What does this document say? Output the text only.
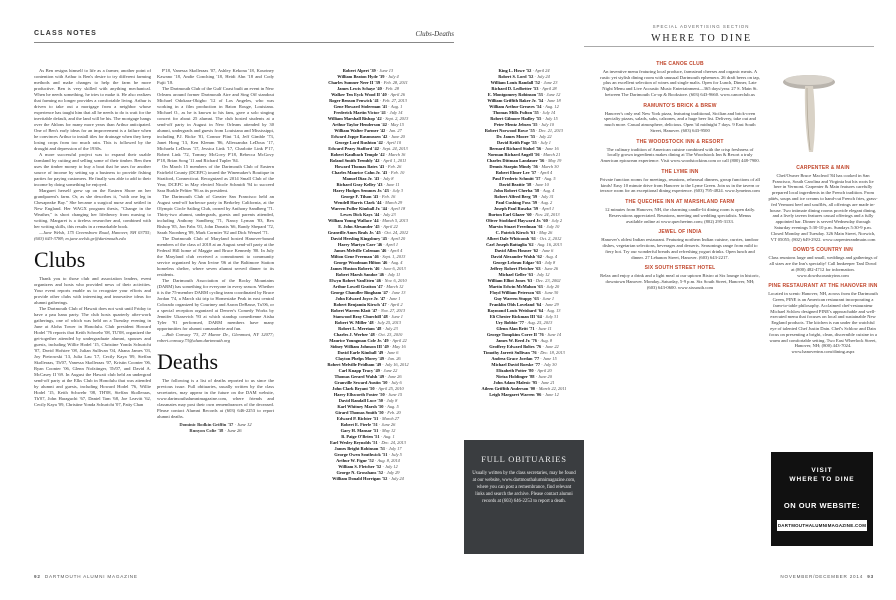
CLASS NOTES	Clubs-Deaths
SPECIAL ADVERTISING SECTION
WHERE TO DINE

As Ben resigns himself to life as a farmer, another point of contention with Arthur is Ben's desire to try different farming methods and make changes to help the farm be more productive. Ben is very skilled with anything mechanical. When he needs something, he tries to make it. He also realizes that farming no longer provides a comfortable living. Arthur is driven to take out a mortgage from a neighbor whose experience has taught him that all he needs to do is wait for the inevitable default, and the land will be his. The mortgage hangs over the Ahlons for many more years than Arthur anticipated. One of Ben's early ideas for an improvement is a failure when he convinces Arthur to install tiles for drainage when they keep losing crops from too much rain. This is followed by the drought and depression of the 1930s.

A more successful project was to expand their usable farmland by cutting and selling some of their timber. Ben then uses the timber money to buy a boat that he uses for another source of income by setting up a business to provide fishing parties for paying customers. He finally was able to add to their income by doing something he enjoyed.

Margaret herself grew up on the Eastern Shore on her grandparent's farm. Or, as she describes it, "with one leg in Chesapeake Bay." She became a surgical nurse and settled in New England. Her WAGX program thesis, "Change in the Weather," is short changing her lifetheory from nursing to writing. Margaret is a tireless researcher and, combined with her writing skills, this results in a remarkable book.

—Jane Welsh, 175 Greensboro Road, Hanover, NH 03755; (603) 643-3788; m.jane.welsh.gr@dartmouth.edu

Clubs

Thank you to those club and association leaders, event organizers and hosts who provided news of their activities. Your event reports enable us to recognize your efforts and provide other clubs with interesting and innovative ideas for alumni gatherings.

The Dartmouth Club of Hawaii does not wait until Friday to have a pau hana party. The club hosts quarterly after-work gatherings, one of which was held on a Tuesday evening in June at Aloha Tower in Honolulu. Club president Howard Hodel '76 reports that Keith Schwehr '08, TU'08, organized the get-together attended by undergraduate alumni, spouses and guests, including Willie Hodel '15, Christine Yonda Schuricht '07, David Hofstee '08, Julian Sullivan '04, Ahana James '03, Joy Pietrowski '13, Julia Lau '17, Cecily Kaya '09, Steffan Skolleraas, Th'07, Vanessa Skolleraas '07, Kristin Coonter '06, Ryan Coonter '06, Glenn Nofziinger, Th'07, and David A. McCasey II '69. In August the Hawaii club held an undergrad send-off party at the Elks Club in Honolulu that was attended by alumni and guests, including Howard Hodel '76, Willie Hodel '15, Keith Schwehr '08, TH'08, Steffan Skolleraas, Th'07, John Haraguchi '67, Daniel Tam '68, Joe Leavitt '62, Cecily Kaya '09, Christine Yonda Schuricht '07, Patty Chan

P'18, Vanessa Skolleraas '07, Ashley Kekona '18, Kourtney Kawano '18, Andie Conching '18, Heidi Ahn '18 and Cody Fujii '18.

The Dartmouth Club of the Gulf Coast built an event in New Orleans around former Dartmouth Aire and Sing Off standout Michael Odokara-Okigbo '12 of Los Angeles, who was working in a film production in Baton Rouge, Louisiana. Michael O., as he is known to his fans, gave a solo singing concert for about 25 alumni. The club hosted students at a send-off party in August in New Orleans attended by 30 alumni, undergrads and guests from Louisiana and Mississippi, including P.J. Bicke '81, Connor Flint '14, Jeff Gimble '73, Janet Hong '13, Ken Klemm '86, Allessandra LeDoux '17, Michaela LeDoux '17, Jessica Link '17, Charlotte Link P'17, Robert Link '72, Tommy McGovy P'18, Rebecca McGovy P'18, Brian Song '11 and Richard Tupler '84.

On March 15 members of the Dartmouth Club of Eastern Fairfield County (DCEFC) toured the Winemaker's Boutique in Stratford, Connecticut. Recognized as 2014 Small Club of the Year, DCEFC in May elected Nicole Schmidt '94 to succeed Sara Burkle Peltier '96 as its president.

The Dartmouth Club of Greater San Francisco held an August send-off barbecue party in Berkeley California, at the Olympic Circle Sailing Club, owned by Anthony Sandberg '71. Thirty-two alumni, undergrads, guests and parents attended, including Anthony Sandberg '71, Nancy Lyman '83, Rex Bishop '85, Jon Fabs '01, John Donatis '66, Randy Shepard '72, Sarah Noonberg '89, Mark Cormier '82 and Dick Wenzel '71.

The Dartmouth Club of Maryland hosted Hanover-bound members of the class of 2018 at an August send-off party at the Federal Hill home of Maggie and Bruce Kennedy '80. In July the Maryland club received a commitment to community service organized by Ann Irvine '06 at the Baltimore Station homeless shelter, where seven alumni served dinner to its residents.

The Dartmouth Association of the Rocky Mountains (DARM) has something for everyone in every season. Whether it is the 75-member DARM cycling team coordinated by Bruce Jordan '74, a March ski trip to Homestake Peak in east central Colorado organized by Courtney and Aaron DeBasse, Tu'06, or a special reception organized at Denver's Comedy Works by Jennifer Ukasevich '93 at which standup comedienne Aisha Tyler '91 performed, DARM members have many opportunities for alumni camaraderie and fun.

—Bob Conway '73, 27 Manor Dr., Glenmont, NY 12077; robert.conway.73@alum.dartmouth.org

Deaths

The following is a list of deaths reported to us since the previous issue. Full obituaries, usually written by the class secretaries, may appear in the future on the DAM website, www.dartmouthalumnimagazine.com, where friends and classmates may post their own remembrances of the deceased. Please contact Alumni Records at (603) 646-2253 to report alumni deaths.

Dominic Bodkin Griffin '37 · June 12
Runyon Colie '38 · June 26
Robert Alpert '39 · June 13
William Beaton Hyde '39 · July 4
Charles Sumner Neer II '39 · Feb. 28, 2011
James Lewis Schaye '40 · Feb. 28
Walker Ten Eyck Wood II '40 · April 26
Roger Benson Fenwick '41 · Feb. 27, 2013
Gene Howard Stolerman '41 · Aug. 1
Frederick Martin Victor '41 · July 14
William Marshall Bishop '42 · Sept. 2, 2013
Arthur Taylor Henderson '42 · May 15
William Walter Farmer '42 · Jan. 27
Edward Joppe Rasmussen '42 · June 20
George Lord Rushton '42 · April 10
Edward Peary Stafford '42 · Sept. 24, 2013
Robert Kaulbach Temple '42 · March 16
Roland Smith Trembly '42 · April 1, 2011
Howard Thomas Bates '43 · Feb. 26
Charles Maurice Cahn Jr. '43 · Feb. 10
Manuel Diaz Jr. '43 · July 8
Richard Gray Kelley '43 · June 11
Harry Hodges Semmes Jr. '43 · July 3
George F. Tilson '43 · Feb. 16
Wendell Harris Clark '44 · March 29
Warren Fuller Kimball Jr. '44 · April 18
Lewes Dick Kays '44 · July 23
William Young Wallace '44 · March 5, 2013
E. John Alexander '45 · April 22
Granville Ames Beals Jr. '45 · Oct. 24, 2012
David Hersling Kingsbury '45 · April 20
Harry Martyn Carr '46 · April 1
James Melville Coleman '46 · April 4
Milton Gene Freeman '46 · Sept. 1, 2013
George Woodman Hilton '46 · Aug. 4
James Huston Roberts '46 · June 6, 2013
Robert Marsh Sandoe '46 · July 11
Elwyn Robert VanEtten '46 · Nov. 6, 2010
Arthur Lowell Gratton '47 · March 12
George Chandler Bingham '47 · June 13
John Edward Joyce Jr. '47 · June 1
Robert Benjamin Kirsch '47 · April 2
Robert Warren Klatt '47 · Nov. 27, 2013
Stanwood Bray Churchill '48 · June 1
Robert W. Miller '48 · July 25, 2013
Robert L. Merriam '48 · July 23
Charles J. Werber '48 · Oct. 23, 2010
Maurice Youngman Cole Jr. '49 · April 22
Sidney William Johnson III '49 · May 16
David Earle Kimball '49 · June 6
Clayton Phelps Morey '49 · Jan. 26
Robert Melville Pridham '49 · July 16, 2012
Carl Knapp Tracy '49 · June 22
Thomas Gerard Walsh '49 · June 26
Granville Seward Austin '50 · July 6
John Clark Bryant '50 · April 25, 2010
Harry Ellsworth Foster '50 · June 15
David Randall Luce '50 · July 8
Karl Whitney Marsh '50 · Aug. 5
Girard Thomas Smith '50 · Feb. 20
Edward P. Richter '51 · March 27
Robert E. Fierle '51 · June 26
Gary H. Mansar '51 · May 12
B. Paige O'Brien '51 · Aug. 1
Earl Wesley Reynolds '51 · Dec. 24, 2013
James Bright Robinson '51 · July 17
George Owen Southwick '51 · July 5
Arthur W. Figur '52 · Aug. 8, 2014
William S. Fletcher '52 · July 12
George N. Grosshans '52 · July 29
William Donald Horrigan '52 · July 24
King L. Howe '52 · April 24
Robert S. Lord '52 · July 24
William Louis Randall '52 · June 23
Richard D. Ledbetter '53 · April 28
E. Montgomery Robinson '53 · June 12
William Griffith Baker Jr. '54 · June 18
William Arthur Greaves '54 · Aug. 12
Thomas Mills Fulton '55 · July 14
Robert Gilmore Hadley '55 · July 15
Peter Mentz Jebsen '55 · July 10
Robert Norwood Rowe '55 · Dec. 21, 2013
Dr. James Moore '55 · July 22
David Keith Page '55 · July 1
Bernard Richard Stahel '56 · June 16
Norman Richard Angell '56 · March 21
Charles Dittman Landauer '56 · May 19
Dennis Starpin Mindy '56 · March 30
Robert Elmer Lee '57 · April 4
Paul Frederic Schmitt '57 · Aug. 5
David Beattie '58 · June 10
John Robert Cherba '58 · Aug. 4
Robert Alfred Berg '59 · July 31
Paul Cushing Foss '59 · Aug. 2
Joseph Paul Ruszka '59 · April 1
Burton Earl Glazer '60 · Nov. 24, 2013
Oliver Stoddard Hayward Jr. '60 · July 2
Marvin Stuart Freedman '61 · July 10
C. Patrick Kirsch '61 · May 26
Albert Dale Whitcomb '61 · Oct. 2, 2012
Carl Joseph Battaglia '62 · Aug. 16, 2013
David Allen Hosner '62 · June 6
David Alexander Walsh '62 · Aug. 4
George Lebeau Edgar '63 · July 8
Jeffrey Robert Fletcher '63 · June 26
Michael Geller '63 · July 12
William Elliot Jones '63 · Dec. 23, 2002
Martin Edwin McMahon '63 · July 20
Floyd William Peterson '63 · June 30
Guy Warren Stuppy '63 · June 1
Franklin Olds Loveland '64 · June 29
Raymond Louis Weisbard '64 · Aug. 13
Eli Chester Rickman III '64 · July 31
Ury Bobbie '77 · Aug. 25, 2013
Glenn Alan Britt '71 · June 11
George Tompkins Corre II '76 · June 14
James W. Reed Jr. '76 · Aug. 8
Geoffrey Edward Boltes '76 · June 22
Timothy Jarrett Sullivan '76 · Dec. 18, 2013
Andrea Grace Jordan '77 · June 15
Michael David Roeske '77 · July 30
Elizabeth Potter '80 · April 20
Niriza Holdinger '88 · June 20
John Adam Malesic '95 · June 21
Aileen Griffith Anderson '00 · March 22, 2011
Leigh Margaret Warren '06 · June 12
FULL OBITUARIES
Usually written by the class secretaries, may be found at our website, www.dartmouthalumnimagazine.com, where you can post a remembrance, find relevant links and search the archive. Please contact alumni records at (603) 646-2253 to report a death.
THE CANOE CLUB
An inventive menu featuring local produce, farmstead cheeses and organic meats. A rustic yet stylish dining room with unusual Dartmouth ephemera. 26 draft beers on tap, plus an excellent selection of wines and single malts. Open for Lunch, Dinner, Late Night Menu and Live Acoustic Music Entertainment—365 days/year. 27 S. Main St. between The Dartmouth Co-op & Bookstore. (603) 643-9660. www.canoeclub.us
RAMUNTO'S BRICK & BREW
Hanover's only real New York pizza, featuring traditional, Sicilian and brick-oven specialty pizzas, salads, subs, calzones, and a huge beer list. Delivery, take out and much more. Casual atmosphere, delicious. Open 'til midnight 7 days. 9 East South Street, Hanover. (603) 643-9500
THE WOODSTOCK INN & RESORT
The culinary tradition of American cuisine combined with the crisp freshness of locally grown ingredients makes dining at The Woodstock Inn & Resort a truly American epicurean experience. Visit www.woodstockinn.com or call (800) 448-7900.
THE LYME INN
Private function rooms for meetings, reunions, rehearsal dinners, group functions of all kinds! Easy 10 minute drive from Hanover to the Lyme Green. Join us in the tavern or terrace room for an exceptional dining experience. (603) 795-4824. www.lymeinn.com
THE QUECHEE INN AT MARSHLAND FARM
12 minutes from Hanover, NH, the charming candle-lit dining room is open daily. Reservations appreciated. Reunions, meeting and wedding specialists. Menus available online at www.quecheeinn.com; (802) 295-3133.
JEWEL OF INDIA
Hanover's oldest Indian restaurant. Featuring northern Indian cuisine, curries, tandoor dishes, vegetarian selections, beverages and desserts. Seasonings range from mild to fiery hot. Try our wonderful breads and refreshing yogurt drinks. Open lunch and dinner. 27 Lebanon Street, Hanover. (603) 643-2217.
SIX SOUTH STREET HOTEL
Relax and enjoy a drink and a light meal at our uptown Bistro at Six lounge in historic, downtown Hanover. Monday–Saturday, 5-9 p.m. Six South Street, Hanover, NH; (603) 643-0600. www.sixsouth.com
CARPENTER & MAIN
Chef/Owner Bruce Macleod '84 has cooked in San Francisco, South Carolina and Virginia but his roots lie here in Vermont. Carpenter & Main features carefully prepared local ingredients in the French tradition. From pâtés, soups and ice creams to hand-cut French fries, grass-fed Vermont beef and soufflés, all offerings are made in-house. Two intimate dining rooms provide elegant dining, and a lively tavern features casual offerings and a fully appointed bar. Dinner is served Wednesday through Saturday evenings 5:30-10 p.m. Sundays 5:30-9 p.m. Closed Monday and Tuesday. 326 Main Street, Norwich, VT 05055; (802) 649-2922. www.carpenterandmain.com
DOWD'S COUNTRY INN
Class reunions large and small, weddings and gatherings of all sizes are the Inn's specialty! Call Innkeeper Tanl Dowd at (800) 482-4712 for information. www.dowdscountryinn.com
PINE RESTAURANT AT THE HANOVER INN
Located in scenic Hanover, NH, across from the Dartmouth Green, PINE is an American restaurant incorporating a farm-to-table philosophy. Acclaimed chef-restaurateur Michael Schlow designed PINE's approachable and well-executed menu that focuses on local and sustainable New England products. The kitchen is run under the watchful eye of talented Chef Justin Dain. Chef's Schlow and Dain focus on presenting a bright, clean, discernible cuisine in a warm and comfortable setting. Two East Wheelock Street, Hanover, NH; (800) 443-7024. www.hanoverinn.com/dining.aspx
VISIT
WHERE TO DINE
ON OUR WEBSITE:
DARTMOUTHALUMNIMAGAZINE.COM
92 DARTMOUTH ALUMNI MAGAZINE	NOVEMBER/DECEMBER 2014 93
